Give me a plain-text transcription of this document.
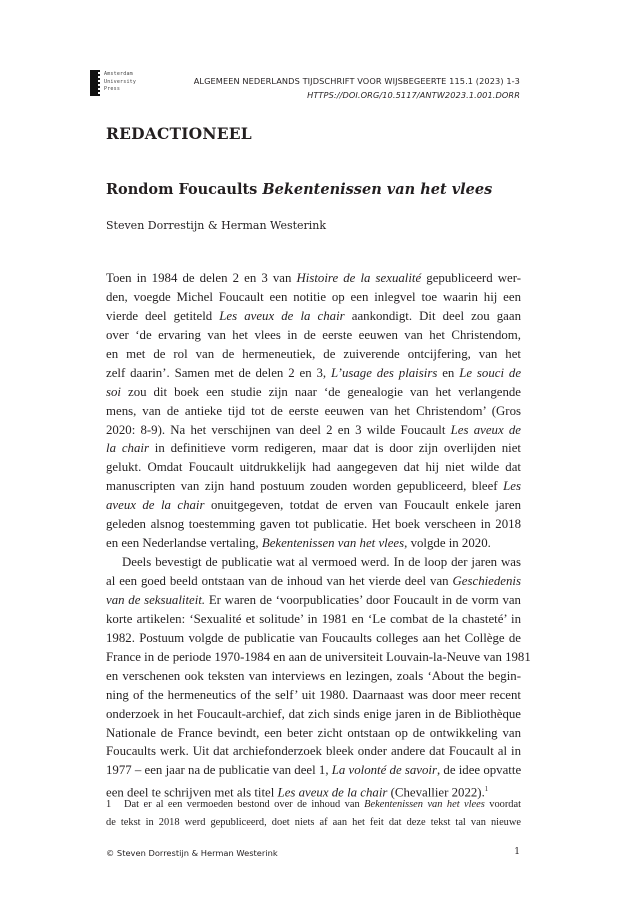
Amsterdam
University
Press
ALGEMEEN NEDERLANDS TIJDSCHRIFT VOOR WIJSBEGEERTE 115.1 (2023) 1-3
HTTPS://DOI.ORG/10.5117/ANTW2023.1.001.DORR
REDACTIONEEL
Rondom Foucaults Bekentenissen van het vlees
Steven Dorrestijn & Herman Westerink
Toen in 1984 de delen 2 en 3 van Histoire de la sexualité gepubliceerd wer-
den, voegde Michel Foucault een notitie op een inlegvel toe waarin hij een
vierde deel getiteld Les aveux de la chair aankondigt. Dit deel zou gaan
over ‘de ervaring van het vlees in de eerste eeuwen van het Christendom,
en met de rol van de hermeneutiek, de zuiverende ontcijfering, van het
zelf daarin’. Samen met de delen 2 en 3, L’usage des plaisirs en Le souci de
soi zou dit boek een studie zijn naar ‘de genealogie van het verlangende
mens, van de antieke tijd tot de eerste eeuwen van het Christendom’ (Gros
2020: 8-9). Na het verschijnen van deel 2 en 3 wilde Foucault Les aveux de
la chair in definitieve vorm redigeren, maar dat is door zijn overlijden niet
gelukt. Omdat Foucault uitdrukkelijk had aangegeven dat hij niet wilde dat
manuscripten van zijn hand postuum zouden worden gepubliceerd, bleef Les
aveux de la chair onuitgegeven, totdat de erven van Foucault enkele jaren
geleden alsnog toestemming gaven tot publicatie. Het boek verscheen in 2018
en een Nederlandse vertaling, Bekentenissen van het vlees, volgde in 2020.
Deels bevestigt de publicatie wat al vermoed werd. In de loop der jaren was
al een goed beeld ontstaan van de inhoud van het vierde deel van Geschiedenis
van de seksualiteit. Er waren de ‘voorpublicaties’ door Foucault in de vorm van
korte artikelen: ‘Sexualité et solitude’ in 1981 en ‘Le combat de la chasteté’ in
1982. Postuum volgde de publicatie van Foucaults colleges aan het Collège de
France in de periode 1970-1984 en aan de universiteit Louvain-la-Neuve van 1981
en verschenen ook teksten van interviews en lezingen, zoals ‘About the begin-
ning of the hermeneutics of the self’ uit 1980. Daarnaast was door meer recent
onderzoek in het Foucault-archief, dat zich sinds enige jaren in de Bibliothèque
Nationale de France bevindt, een beter zicht ontstaan op de ontwikkeling van
Foucaults werk. Uit dat archiefonderzoek bleek onder andere dat Foucault al in
1977 – een jaar na de publicatie van deel 1, La volonté de savoir, de idee opvatte
een deel te schrijven met als titel Les aveux de la chair (Chevallier 2022).$^1$
1 Dat er al een vermoeden bestond over de inhoud van Bekentenissen van het vlees voordat
de tekst in 2018 werd gepubliceerd, doet niets af aan het feit dat deze tekst tal van nieuwe
© Steven Dorrestijn & Herman Westerink	1
